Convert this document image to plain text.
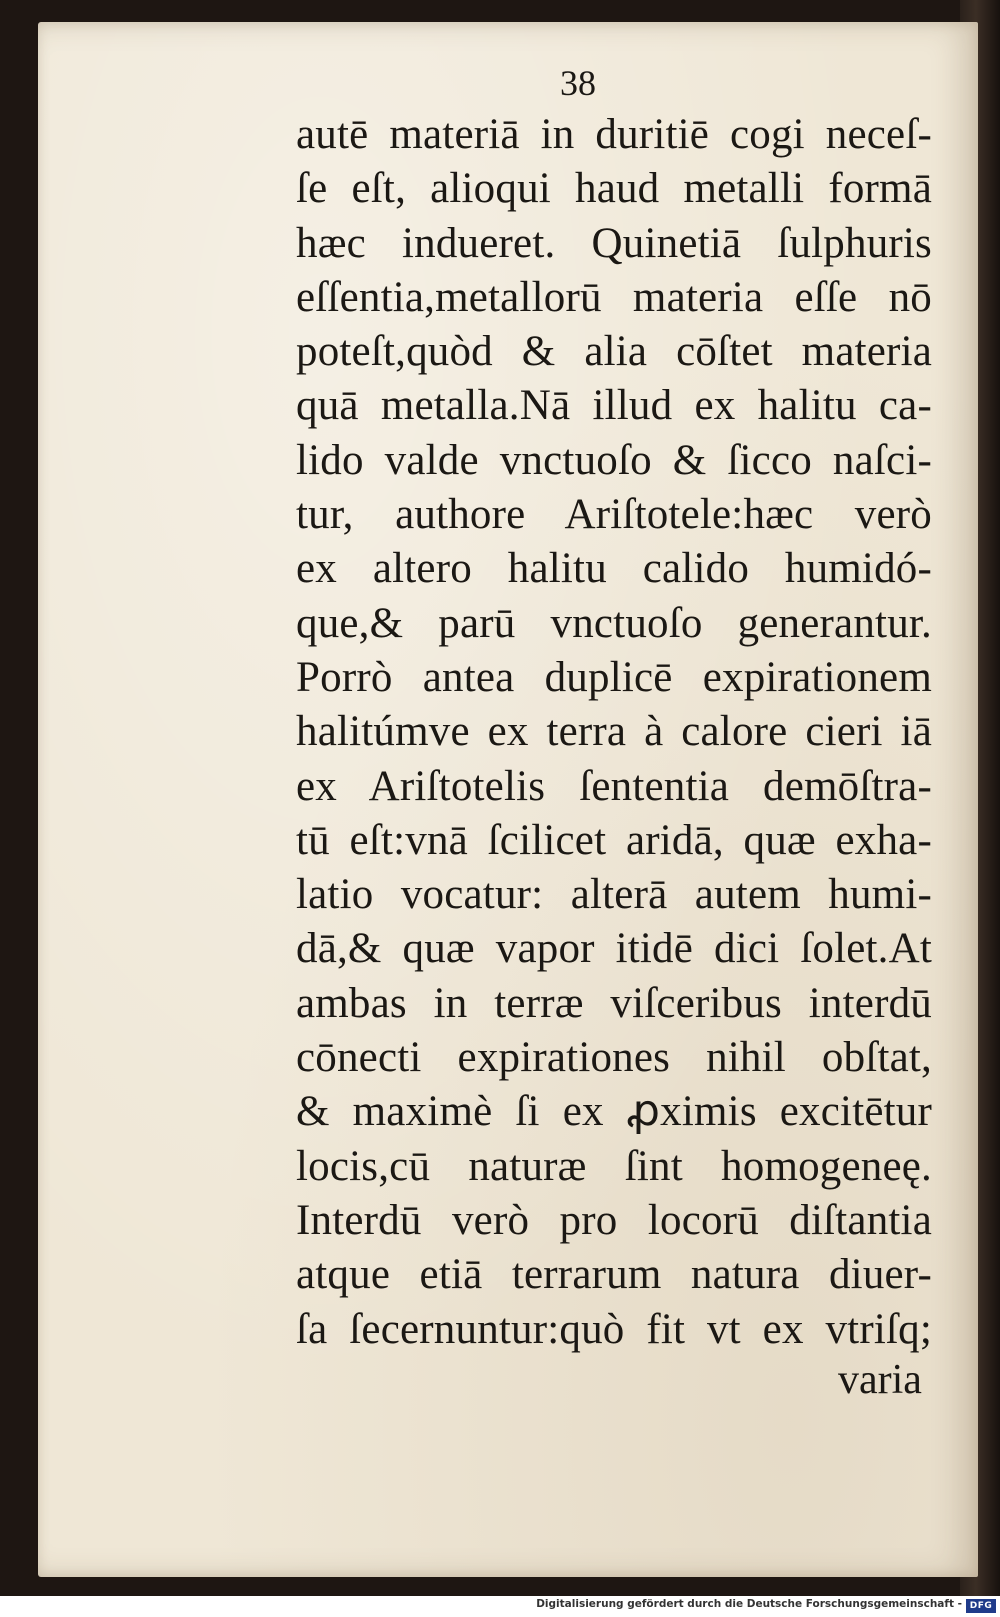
38
autē materiā in duritiē cogi neceſ-
ſe eſt, alioqui haud metalli formā
hæc indueret. Quinetiā ſulphuris
eſſentia,metallorū materia eſſe nō
poteſt,quòd & alia cōſtet materia
quā metalla.Nā illud ex halitu ca-
lido valde vnctuoſo & ſicco naſci-
tur, authore Ariſtotele:hæc verò
ex altero halitu calido humidó-
que,& parū vnctuoſo generantur.
Porrò antea duplicē expirationem
halitúmve ex terra à calore cieri iā
ex Ariſtotelis ſententia demōſtra-
tū eſt:vnā ſcilicet aridā, quæ exha-
latio vocatur: alterā autem humi-
dā,& quæ vapor itidē dici ſolet.At
ambas in terræ viſceribus interdū
cōnecti expirationes nihil obſtat,
& maximè ſi ex ꝓximis excitētur
locis,cū naturæ ſint homogeneę.
Interdū verò pro locorū diſtantia
atque etiā terrarum natura diuer-
ſa ſecernuntur:quò fit vt ex vtriſq;
varia
Digitalisierung gefördert durch die Deutsche Forschungsgemeinschaft - DFG
